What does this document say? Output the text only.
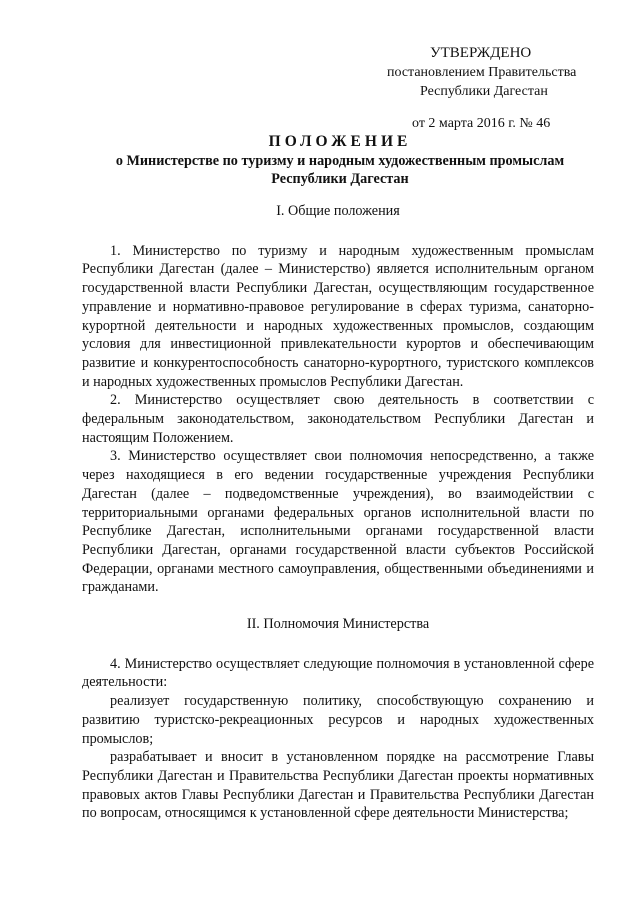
УТВЕРЖДЕНО
постановлением Правительства
Республики Дагестан
от 2 марта 2016 г. № 46
ПОЛОЖЕНИЕ
о Министерстве по туризму и народным художественным промыслам
Республики Дагестан

I. Общие положения

1. Министерство по туризму и народным художественным промыслам Республики Дагестан (далее – Министерство) является исполнительным органом государственной власти Республики Дагестан, осуществляющим государственное управление и нормативно-правовое регулирование в сферах туризма, санаторно-курортной деятельности и народных художественных промыслов, создающим условия для инвестиционной привлекательности курортов и обеспечивающим развитие и конкурентоспособность санаторно-курортного, туристского комплексов и народных художественных промыслов Республики Дагестан.

2. Министерство осуществляет свою деятельность в соответствии с федеральным законодательством, законодательством Республики Дагестан и настоящим Положением.

3. Министерство осуществляет свои полномочия непосредственно, а также через находящиеся в его ведении государственные учреждения Республики Дагестан (далее – подведомственные учреждения), во взаимодействии с территориальными органами федеральных органов исполнительной власти по Республике Дагестан, исполнительными органами государственной власти Республики Дагестан, органами государственной власти субъектов Российской Федерации, органами местного самоуправления, общественными объединениями и гражданами.

II. Полномочия Министерства

4. Министерство осуществляет следующие полномочия в установленной сфере деятельности:

реализует государственную политику, способствующую сохранению и развитию туристско-рекреационных ресурсов и народных художественных промыслов;

разрабатывает и вносит в установленном порядке на рассмотрение Главы Республики Дагестан и Правительства Республики Дагестан проекты нормативных правовых актов Главы Республики Дагестан и Правительства Республики Дагестан по вопросам, относящимся к установленной сфере деятельности Министерства;
